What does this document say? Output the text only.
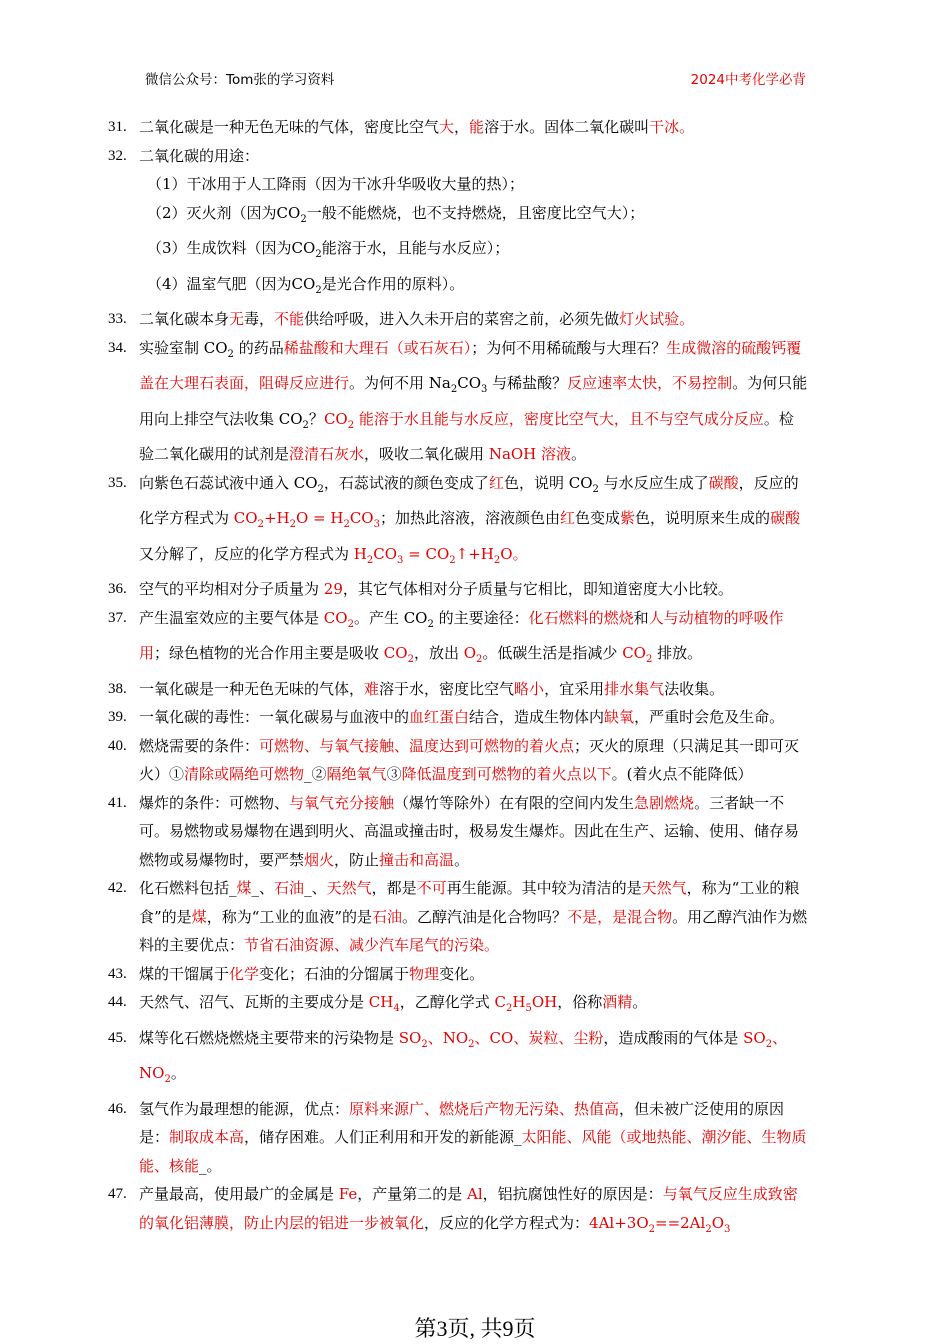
微信公众号：Tom张的学习资料	2024中考化学必背
31. 二氧化碳是一种无色无味的气体，密度比空气大，能溶于水。固体二氧化碳叫干冰。
32. 二氧化碳的用途：
（1）干冰用于人工降雨（因为干冰升华吸收大量的热）；
（2）灭火剂（因为$CO_2$一般不能燃烧，也不支持燃烧，且密度比空气大）；
（3）生成饮料（因为$CO_2$能溶于水，且能与水反应）；
（4）温室气肥（因为$CO_2$是光合作用的原料）。
33. 二氧化碳本身无毒，不能供给呼吸，进入久未开启的菜窖之前，必须先做灯火试验。
34. 实验室制 $CO_2$ 的药品稀盐酸和大理石（或石灰石）；为何不用稀硫酸与大理石？生成微溶的硫酸钙覆盖在大理石表面，阻碍反应进行。为何不用 $Na_2CO_3$ 与稀盐酸？反应速率太快，不易控制。为何只能用向上排空气法收集 $CO_2$？$CO_2$ 能溶于水且能与水反应，密度比空气大，且不与空气成分反应。检验二氧化碳用的试剂是澄清石灰水，吸收二氧化碳用 NaOH 溶液。
35. 向紫色石蕊试液中通入 $CO_2$，石蕊试液的颜色变成了红色，说明 $CO_2$ 与水反应生成了碳酸，反应的化学方程式为 $CO_2+H_2O = H_2CO_3$；加热此溶液，溶液颜色由红色变成紫色，说明原来生成的碳酸又分解了，反应的化学方程式为 $H_2CO_3$ = $CO_2↑+H_2O$。
36. 空气的平均相对分子质量为 29，其它气体相对分子质量与它相比，即知道密度大小比较。
37. 产生温室效应的主要气体是 $CO_2$。产生 $CO_2$ 的主要途径：化石燃料的燃烧和人与动植物的呼吸作用；绿色植物的光合作用主要是吸收 $CO_2$，放出 $O_2$。低碳生活是指减少 $CO_2$ 排放。
38. 一氧化碳是一种无色无味的气体，难溶于水，密度比空气略小，宜采用排水集气法收集。
39. 一氧化碳的毒性：一氧化碳易与血液中的血红蛋白结合，造成生物体内缺氧，严重时会危及生命。
40. 燃烧需要的条件：可燃物、与氧气接触、温度达到可燃物的着火点；灭火的原理（只满足其一即可灭火）①清除或隔绝可燃物_②隔绝氧气③降低温度到可燃物的着火点以下。(着火点不能降低）
41. 爆炸的条件：可燃物、与氧气充分接触（爆竹等除外）在有限的空间内发生急剧燃烧。三者缺一不可。易燃物或易爆物在遇到明火、高温或撞击时，极易发生爆炸。因此在生产、运输、使用、储存易燃物或易爆物时，要严禁烟火，防止撞击和高温。
42. 化石燃料包括_煤_、石油_、天然气，都是不可再生能源。其中较为清洁的是天然气，称为“工业的粮食”的是煤，称为“工业的血液”的是石油。乙醇汽油是化合物吗？不是，是混合物。用乙醇汽油作为燃料的主要优点：节省石油资源、减少汽车尾气的污染。
43. 煤的干馏属于化学变化；石油的分馏属于物理变化。
44. 天然气、沼气、瓦斯的主要成分是 $CH_4$，乙醇化学式 $C_2H_5OH$，俗称酒精。
45. 煤等化石燃烧燃烧主要带来的污染物是 $SO_2$、$NO_2$、CO、炭粒、尘粉，造成酸雨的气体是 $SO_2$、$NO_2$。
46. 氢气作为最理想的能源，优点：原料来源广、燃烧后产物无污染、热值高，但未被广泛使用的原因是：制取成本高，储存困难。人们正利用和开发的新能源_太阳能、风能（或地热能、潮汐能、生物质能、核能_。
47. 产量最高，使用最广的金属是 Fe，产量第二的是 Al，铝抗腐蚀性好的原因是：与氧气反应生成致密的氧化铝薄膜，防止内层的铝进一步被氧化，反应的化学方程式为：$4Al+3O_2==2Al_2O_3$
第3页, 共9页
